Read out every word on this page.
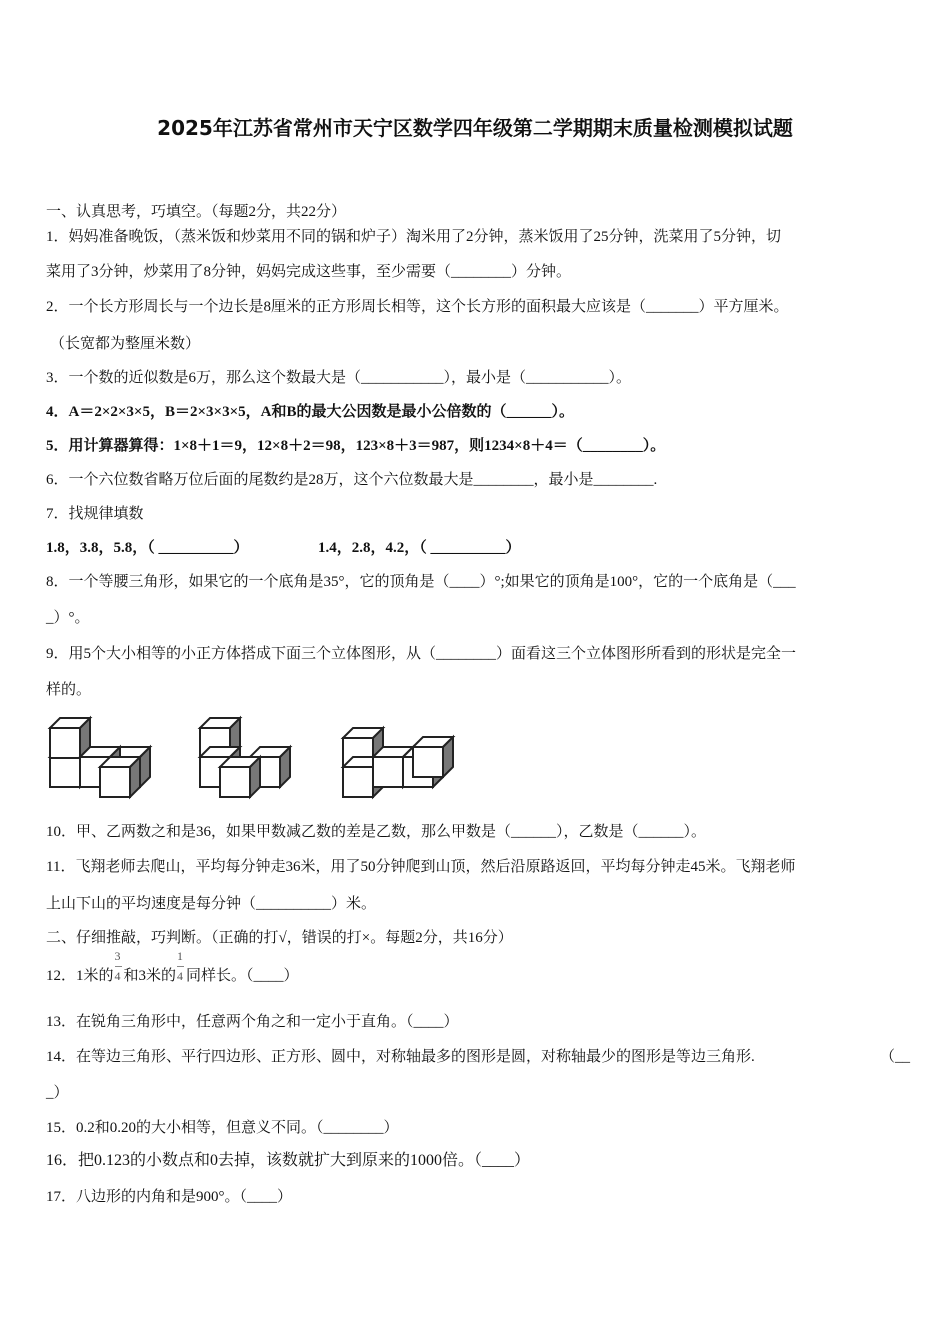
2025年江苏省常州市天宁区数学四年级第二学期期末质量检测模拟试题
一、认真思考，巧填空。（每题2分，共22分）
1．妈妈准备晚饭，（蒸米饭和炒菜用不同的锅和炉子）淘米用了2分钟，蒸米饭用了25分钟，洗菜用了5分钟，切
菜用了3分钟，炒菜用了8分钟，妈妈完成这些事，至少需要（________）分钟。
2．一个长方形周长与一个边长是8厘米的正方形周长相等，这个长方形的面积最大应该是（_______）平方厘米。
（长宽都为整厘米数）
3．一个数的近似数是6万，那么这个数最大是（___________），最小是（___________）。
4．A＝2×2×3×5，B＝2×3×3×5，A和B的最大公因数是最小公倍数的（______）。
5．用计算器算得：1×8＋1＝9，12×8＋2＝98，123×8＋3＝987，则1234×8＋4＝（________）。
6．一个六位数省略万位后面的尾数约是28万，这个六位数最大是________，最小是________.
7．找规律填数
1.8，3.8，5.8，（ __________）	1.4，2.8，4.2，（ __________）
8．一个等腰三角形，如果它的一个底角是35°，它的顶角是（____）°;如果它的顶角是100°，它的一个底角是（___
_）°。
9．用5个大小相等的小正方体搭成下面三个立体图形，从（________）面看这三个立体图形所看到的形状是完全一
样的。
10．甲、乙两数之和是36，如果甲数减乙数的差是乙数，那么甲数是（______），乙数是（______）。
11．飞翔老师去爬山，平均每分钟走36米，用了50分钟爬到山顶，然后沿原路返回，平均每分钟走45米。飞翔老师
上山下山的平均速度是每分钟（__________）米。
二、仔细推敲，巧判断。（正确的打√，错误的打×。每题2分，共16分）
12．1米的 $\frac{3}{4}$ 和3米的 $\frac{1}{4}$ 同样长。（____）
13．在锐角三角形中，任意两个角之和一定小于直角。（____）
14．在等边三角形、平行四边形、正方形、圆中，对称轴最多的图形是圆，对称轴最少的图形是等边三角形.	（__
_）
15．0.2和0.20的大小相等，但意义不同。（________）
16．把0.123的小数点和0去掉，该数就扩大到原来的1000倍。（____）
17．八边形的内角和是900°。（____）
